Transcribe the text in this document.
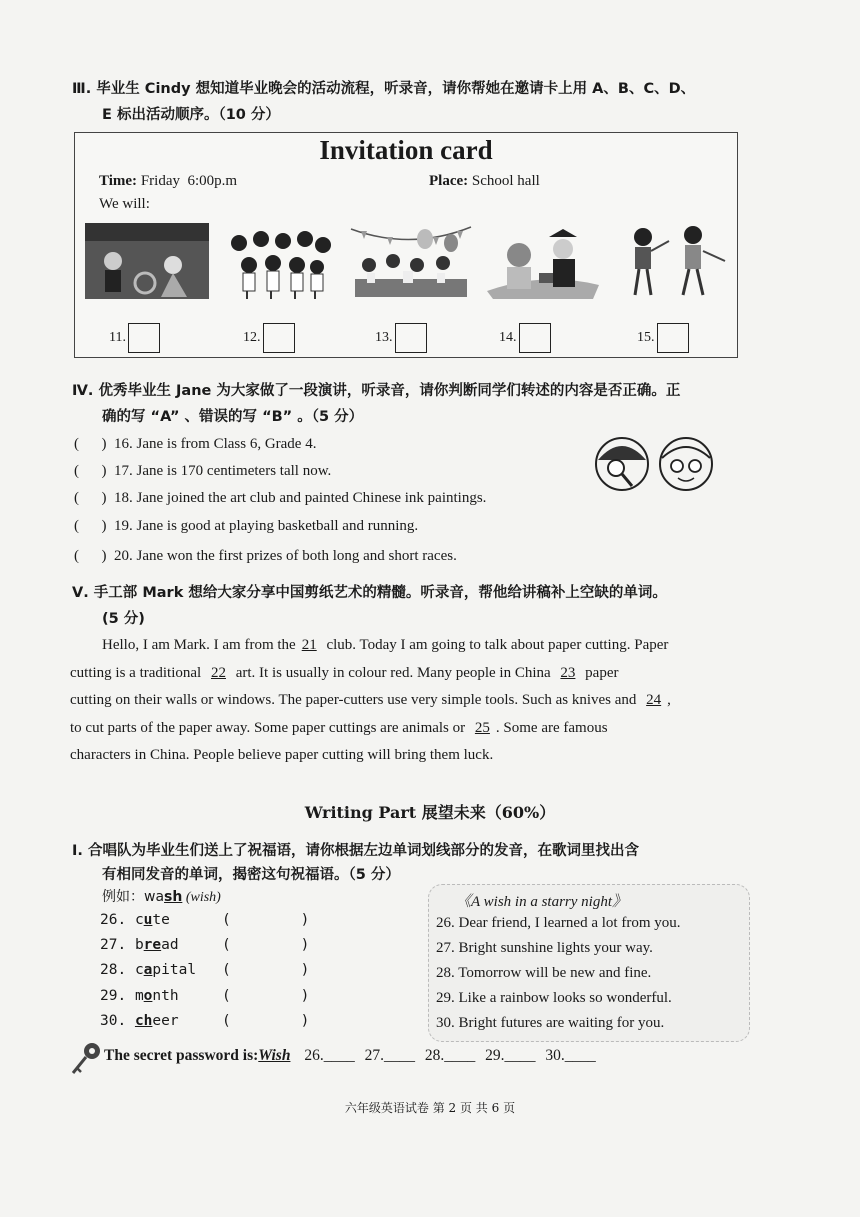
Ⅲ. 毕业生 Cindy 想知道毕业晚会的活动流程，听录音，请你帮她在邀请卡上用 A、B、C、D、
E 标出活动顺序。（10 分）
Invitation card
Time: Friday  6:00p.m	Place: School hall
We will:
11.	12.	13.	14.	15.
Ⅳ. 优秀毕业生 Jane 为大家做了一段演讲，听录音，请你判断同学们转述的内容是否正确。正
确的写 “A” 、错误的写 “B” 。（5 分）
(      ) 16. Jane is from Class 6, Grade 4.
(      ) 17. Jane is 170 centimeters tall now.
(      ) 18. Jane joined the art club and painted Chinese ink paintings.
(      ) 19. Jane is good at playing basketball and running.
(      ) 20. Jane won the first prizes of both long and short races.
Ⅴ. 手工部 Mark 想给大家分享中国剪纸艺术的精髓。听录音，帮他给讲稿补上空缺的单词。
(5 分)
Hello, I am Mark. I am from the 21 club. Today I am going to talk about paper cutting. Paper
cutting is a traditional 22 art. It is usually in colour red. Many people in China 23 paper
cutting on their walls or windows. The paper-cutters use very simple tools. Such as knives and 24 ,
to cut parts of the paper away. Some paper cuttings are animals or 25 . Some are famous
characters in China. People believe paper cutting will bring them luck.
Writing Part 展望未来（60%）
Ⅰ. 合唱队为毕业生们送上了祝福语，请你根据左边单词划线部分的发音，在歌词里找出含
有相同发音的单词，揭密这句祝福语。（5 分）
例如：wash (wish)
26. cute	(        )
27. bread	(        )
28. capital (        )
29. month	(        )
30. cheer	(        )
《A wish in a starry night》
26. Dear friend, I learned a lot from you.
27. Bright sunshine lights your way.
28. Tomorrow will be new and fine.
29. Like a rainbow looks so wonderful.
30. Bright futures are waiting for you.
The secret password is:Wish 26.____ 27.____ 28.____ 29.____ 30.____
六年级英语试卷 第 2 页 共 6 页
